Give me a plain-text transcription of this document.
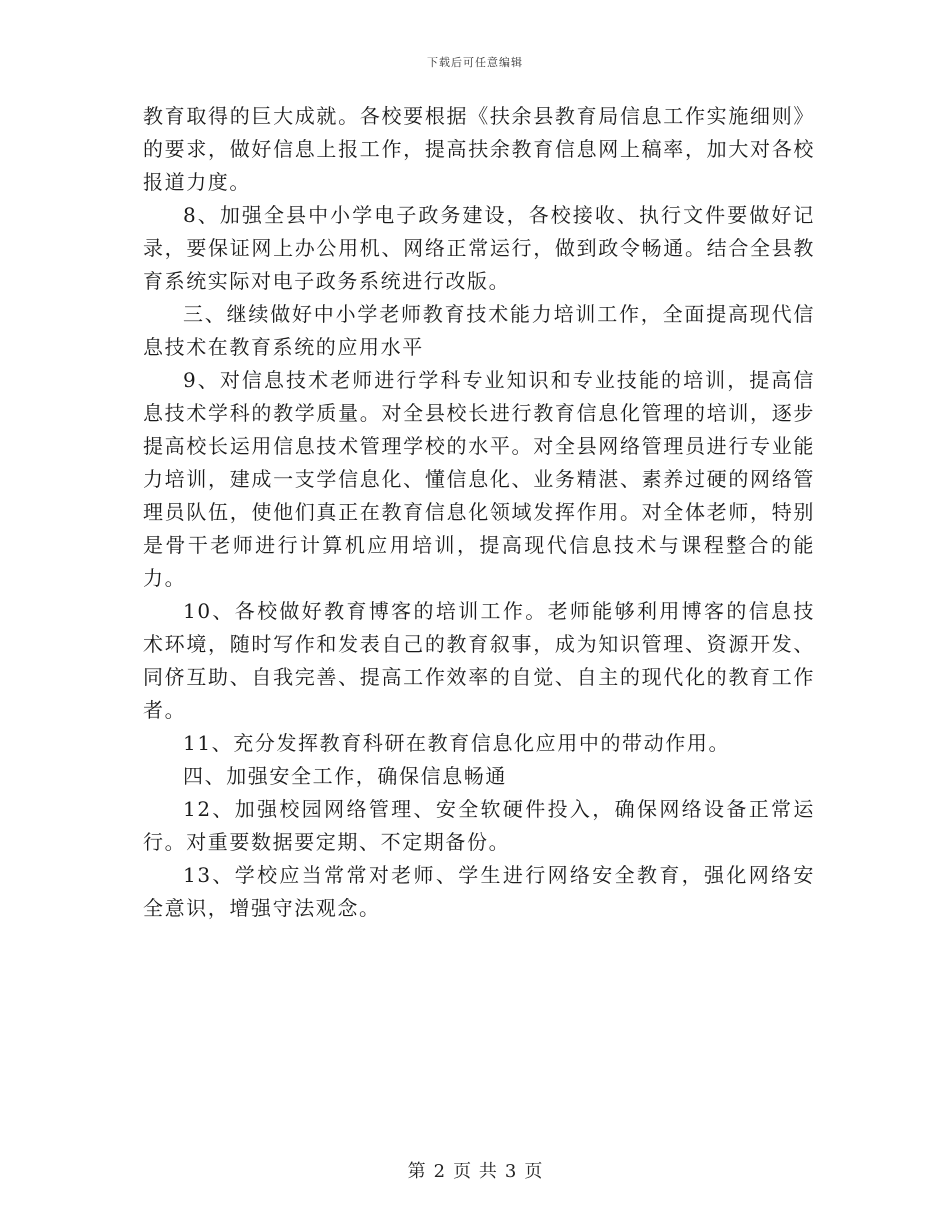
下载后可任意编辑

教育取得的巨大成就。各校要根据《扶余县教育局信息工作实施细则》的要求，做好信息上报工作，提高扶余教育信息网上稿率，加大对各校报道力度。

8、加强全县中小学电子政务建设，各校接收、执行文件要做好记录，要保证网上办公用机、网络正常运行，做到政令畅通。结合全县教育系统实际对电子政务系统进行改版。

三、继续做好中小学老师教育技术能力培训工作，全面提高现代信息技术在教育系统的应用水平

9、对信息技术老师进行学科专业知识和专业技能的培训，提高信息技术学科的教学质量。对全县校长进行教育信息化管理的培训，逐步提高校长运用信息技术管理学校的水平。对全县网络管理员进行专业能力培训，建成一支学信息化、懂信息化、业务精湛、素养过硬的网络管理员队伍，使他们真正在教育信息化领域发挥作用。对全体老师，特别是骨干老师进行计算机应用培训，提高现代信息技术与课程整合的能力。

10、各校做好教育博客的培训工作。老师能够利用博客的信息技术环境，随时写作和发表自己的教育叙事，成为知识管理、资源开发、同侪互助、自我完善、提高工作效率的自觉、自主的现代化的教育工作者。

11、充分发挥教育科研在教育信息化应用中的带动作用。

四、加强安全工作，确保信息畅通

12、加强校园网络管理、安全软硬件投入，确保网络设备正常运行。对重要数据要定期、不定期备份。

13、学校应当常常对老师、学生进行网络安全教育，强化网络安全意识，增强守法观念。

第 2 页 共 3 页
